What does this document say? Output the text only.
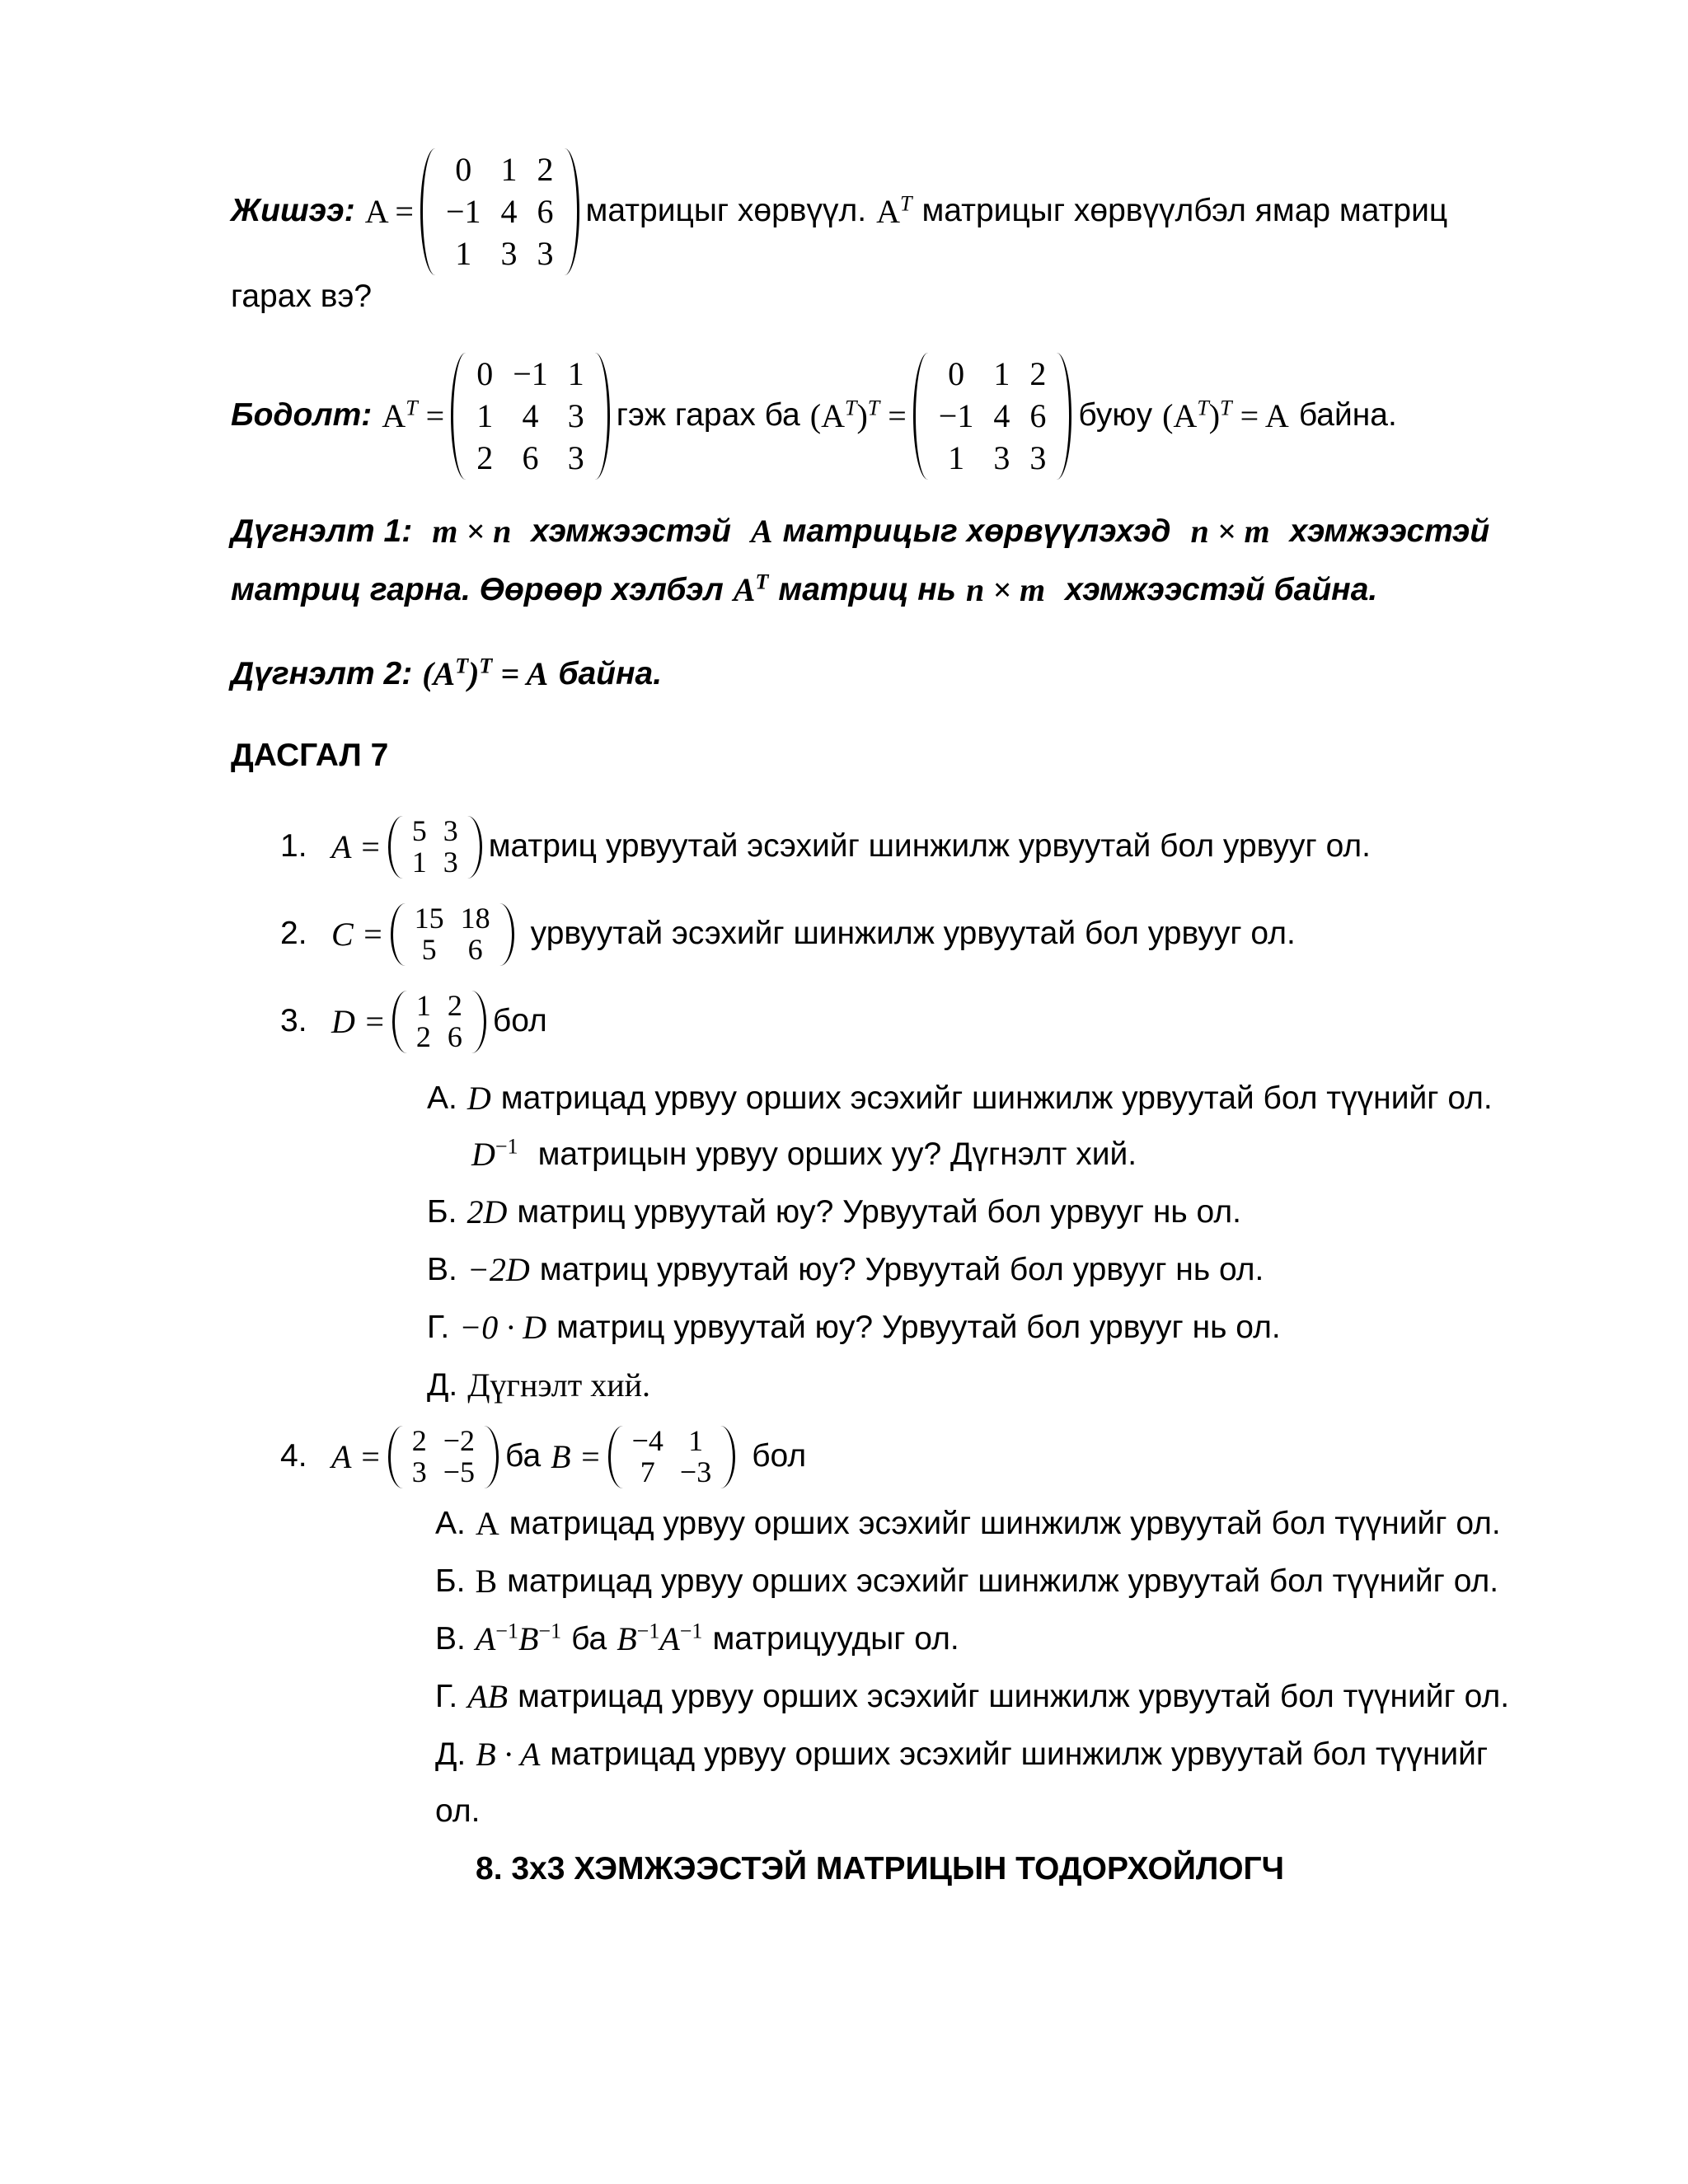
Жишээ: A =
0	1	2
−1	4	6
1	3	3
матрицыг хөрвүүл. $A^T$ матрицыг хөрвүүлбэл ямар матриц
гарах вэ?
Бодолт: $A^T$ =
0	−1	1
1	4	3
2	6	3
гэж гарах ба $(A^T)^T$ =
0	1	2
−1	4	6
1	3	3
буюу $(A^T)^T = A$ байна.
Дүгнэлт 1: m × n хэмжээстэй A матрицыг хөрвүүлэхэд n × m хэмжээстэй
матриц гарна. Өөрөөр хэлбэл $A^T$ матриц нь n × m хэмжээстэй байна.
Дүгнэлт 2: $(A^T)^T = A$ байна.
ДАСГАЛ 7
1. A = 5	3
1	3 матриц урвуутай эсэхийг шинжилж урвуутай бол урвууг ол.
2. C = 15	18
5	6 урвуутай эсэхийг шинжилж урвуутай бол урвууг ол.
3. D = 1	2
2	6 бол
А. D матрицад урвуу орших эсэхийг шинжилж урвуутай бол түүнийг ол.
$D^{-1}$ матрицын урвуу орших уу? Дүгнэлт хий.
Б. 2D матриц урвуутай юу? Урвуутай бол урвууг нь ол.
В. −2D матриц урвуутай юу? Урвуутай бол урвууг нь ол.
Г. −0 · D матриц урвуутай юу? Урвуутай бол урвууг нь ол.
Д. Дүгнэлт хий.
4. A = 2	−2
3	−5 ба B = −4	1
7	−3 бол
А. A матрицад урвуу орших эсэхийг шинжилж урвуутай бол түүнийг ол.
Б. B матрицад урвуу орших эсэхийг шинжилж урвуутай бол түүнийг ол.
В. $A^{-1}B^{-1}$ ба $B^{-1}A^{-1}$ матрицуудыг ол.
Г. AB матрицад урвуу орших эсэхийг шинжилж урвуутай бол түүнийг ол.
Д. B · A матрицад урвуу орших эсэхийг шинжилж урвуутай бол түүнийг
ол.
8. 3x3 ХЭМЖЭЭСТЭЙ МАТРИЦЫН ТОДОРХОЙЛОГЧ
